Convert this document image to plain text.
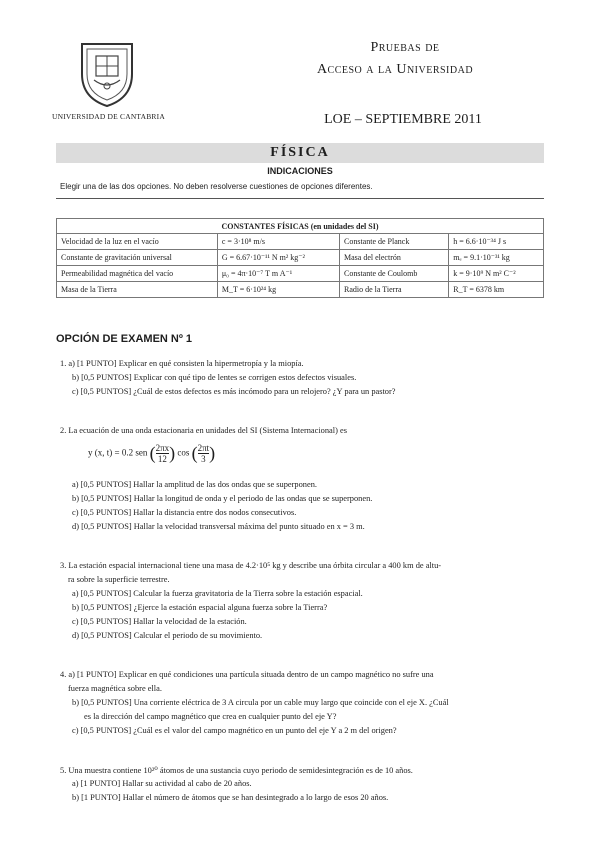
UNIVERSIDAD DE CANTABRIA
Pruebas de
Acceso a la Universidad
LOE – SEPTIEMBRE 2011
FÍSICA
INDICACIONES
Elegir una de las dos opciones. No deben resolverse cuestiones de opciones diferentes.
CONSTANTES FÍSICAS (en unidades del SI)			
Velocidad de la luz en el vacío	c = 3·10⁸ m/s	Constante de Planck	h = 6.6·10⁻³⁴ J s
Constante de gravitación universal	G = 6.67·10⁻¹¹ N m² kg⁻²	Masa del electrón	mₑ = 9.1·10⁻³¹ kg
Permeabilidad magnética del vacío	μ₀ = 4π·10⁻⁷ T m A⁻¹	Constante de Coulomb	k = 9·10⁹ N m² C⁻²
Masa de la Tierra	M_T = 6·10²⁴ kg	Radio de la Tierra	R_T = 6378 km
OPCIÓN DE EXAMEN Nº 1
1. a) [1 PUNTO] Explicar en qué consisten la hipermetropía y la miopía.
b) [0,5 PUNTOS] Explicar con qué tipo de lentes se corrigen estos defectos visuales.
c) [0,5 PUNTOS] ¿Cuál de estos defectos es más incómodo para un relojero? ¿Y para un pastor?
2. La ecuación de una onda estacionaria en unidades del SI (Sistema Internacional) es
y (x, t) = 0.2 sen ( $\frac{2\pi x}{12}$ ) cos ( $\frac{2\pi t}{3}$ )
a) [0,5 PUNTOS] Hallar la amplitud de las dos ondas que se superponen.
b) [0,5 PUNTOS] Hallar la longitud de onda y el periodo de las ondas que se superponen.
c) [0,5 PUNTOS] Hallar la distancia entre dos nodos consecutivos.
d) [0,5 PUNTOS] Hallar la velocidad transversal máxima del punto situado en x = 3 m.
3. La estación espacial internacional tiene una masa de 4.2·10⁵ kg y describe una órbita circular a 400 km de altu-
ra sobre la superficie terrestre.
a) [0,5 PUNTOS] Calcular la fuerza gravitatoria de la Tierra sobre la estación espacial.
b) [0,5 PUNTOS] ¿Ejerce la estación espacial alguna fuerza sobre la Tierra?
c) [0,5 PUNTOS] Hallar la velocidad de la estación.
d) [0,5 PUNTOS] Calcular el periodo de su movimiento.
4. a) [1 PUNTO] Explicar en qué condiciones una partícula situada dentro de un campo magnético no sufre una
fuerza magnética sobre ella.
b) [0,5 PUNTOS] Una corriente eléctrica de 3 A circula por un cable muy largo que coincide con el eje X. ¿Cuál
es la dirección del campo magnético que crea en cualquier punto del eje Y?
c) [0,5 PUNTOS] ¿Cuál es el valor del campo magnético en un punto del eje Y a 2 m del origen?
5. Una muestra contiene 10²⁰ átomos de una sustancia cuyo periodo de semidesintegración es de 10 años.
a) [1 PUNTO] Hallar su actividad al cabo de 20 años.
b) [1 PUNTO] Hallar el número de átomos que se han desintegrado a lo largo de esos 20 años.
